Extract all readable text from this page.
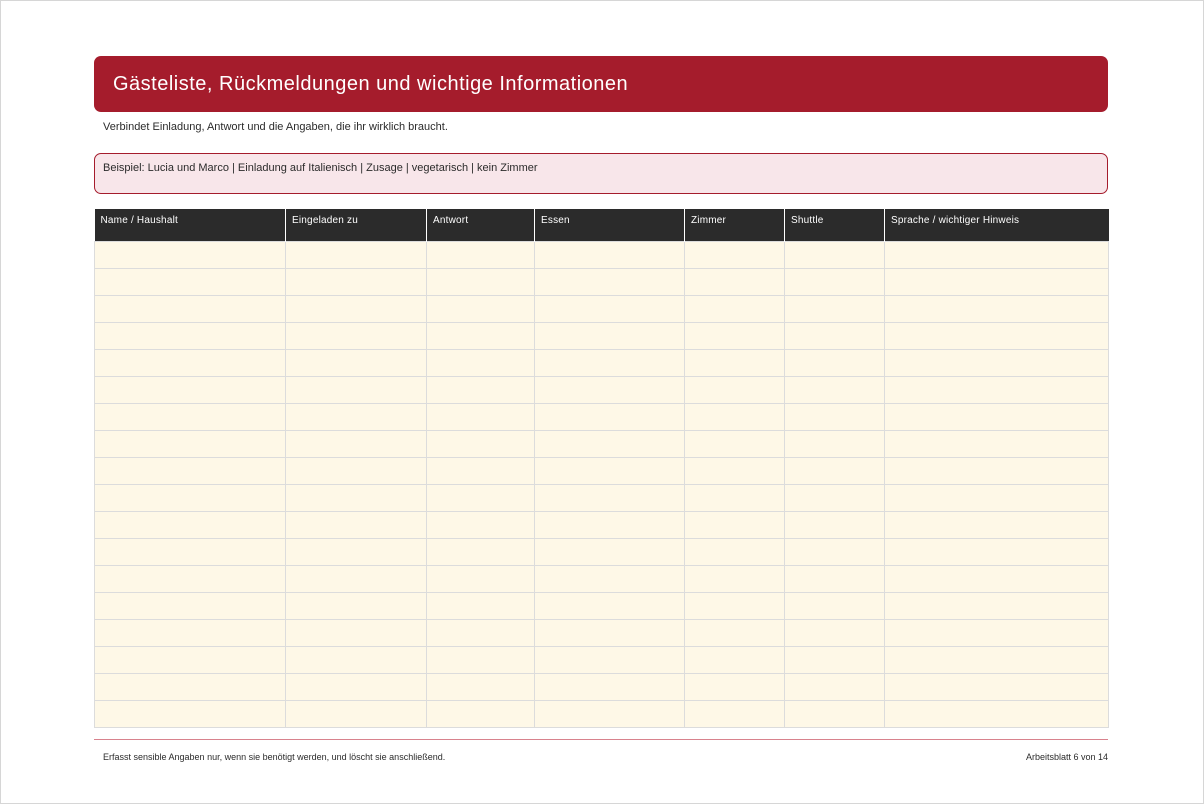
Gästeliste, Rückmeldungen und wichtige Informationen
Verbindet Einladung, Antwort und die Angaben, die ihr wirklich braucht.
Beispiel: Lucia und Marco | Einladung auf Italienisch | Zusage | vegetarisch | kein Zimmer
Name / Haushalt	Eingeladen zu	Antwort	Essen	Zimmer	Shuttle	Sprache / wichtiger Hinweis

Erfasst sensible Angaben nur, wenn sie benötigt werden, und löscht sie anschließend.	Arbeitsblatt 6 von 14
